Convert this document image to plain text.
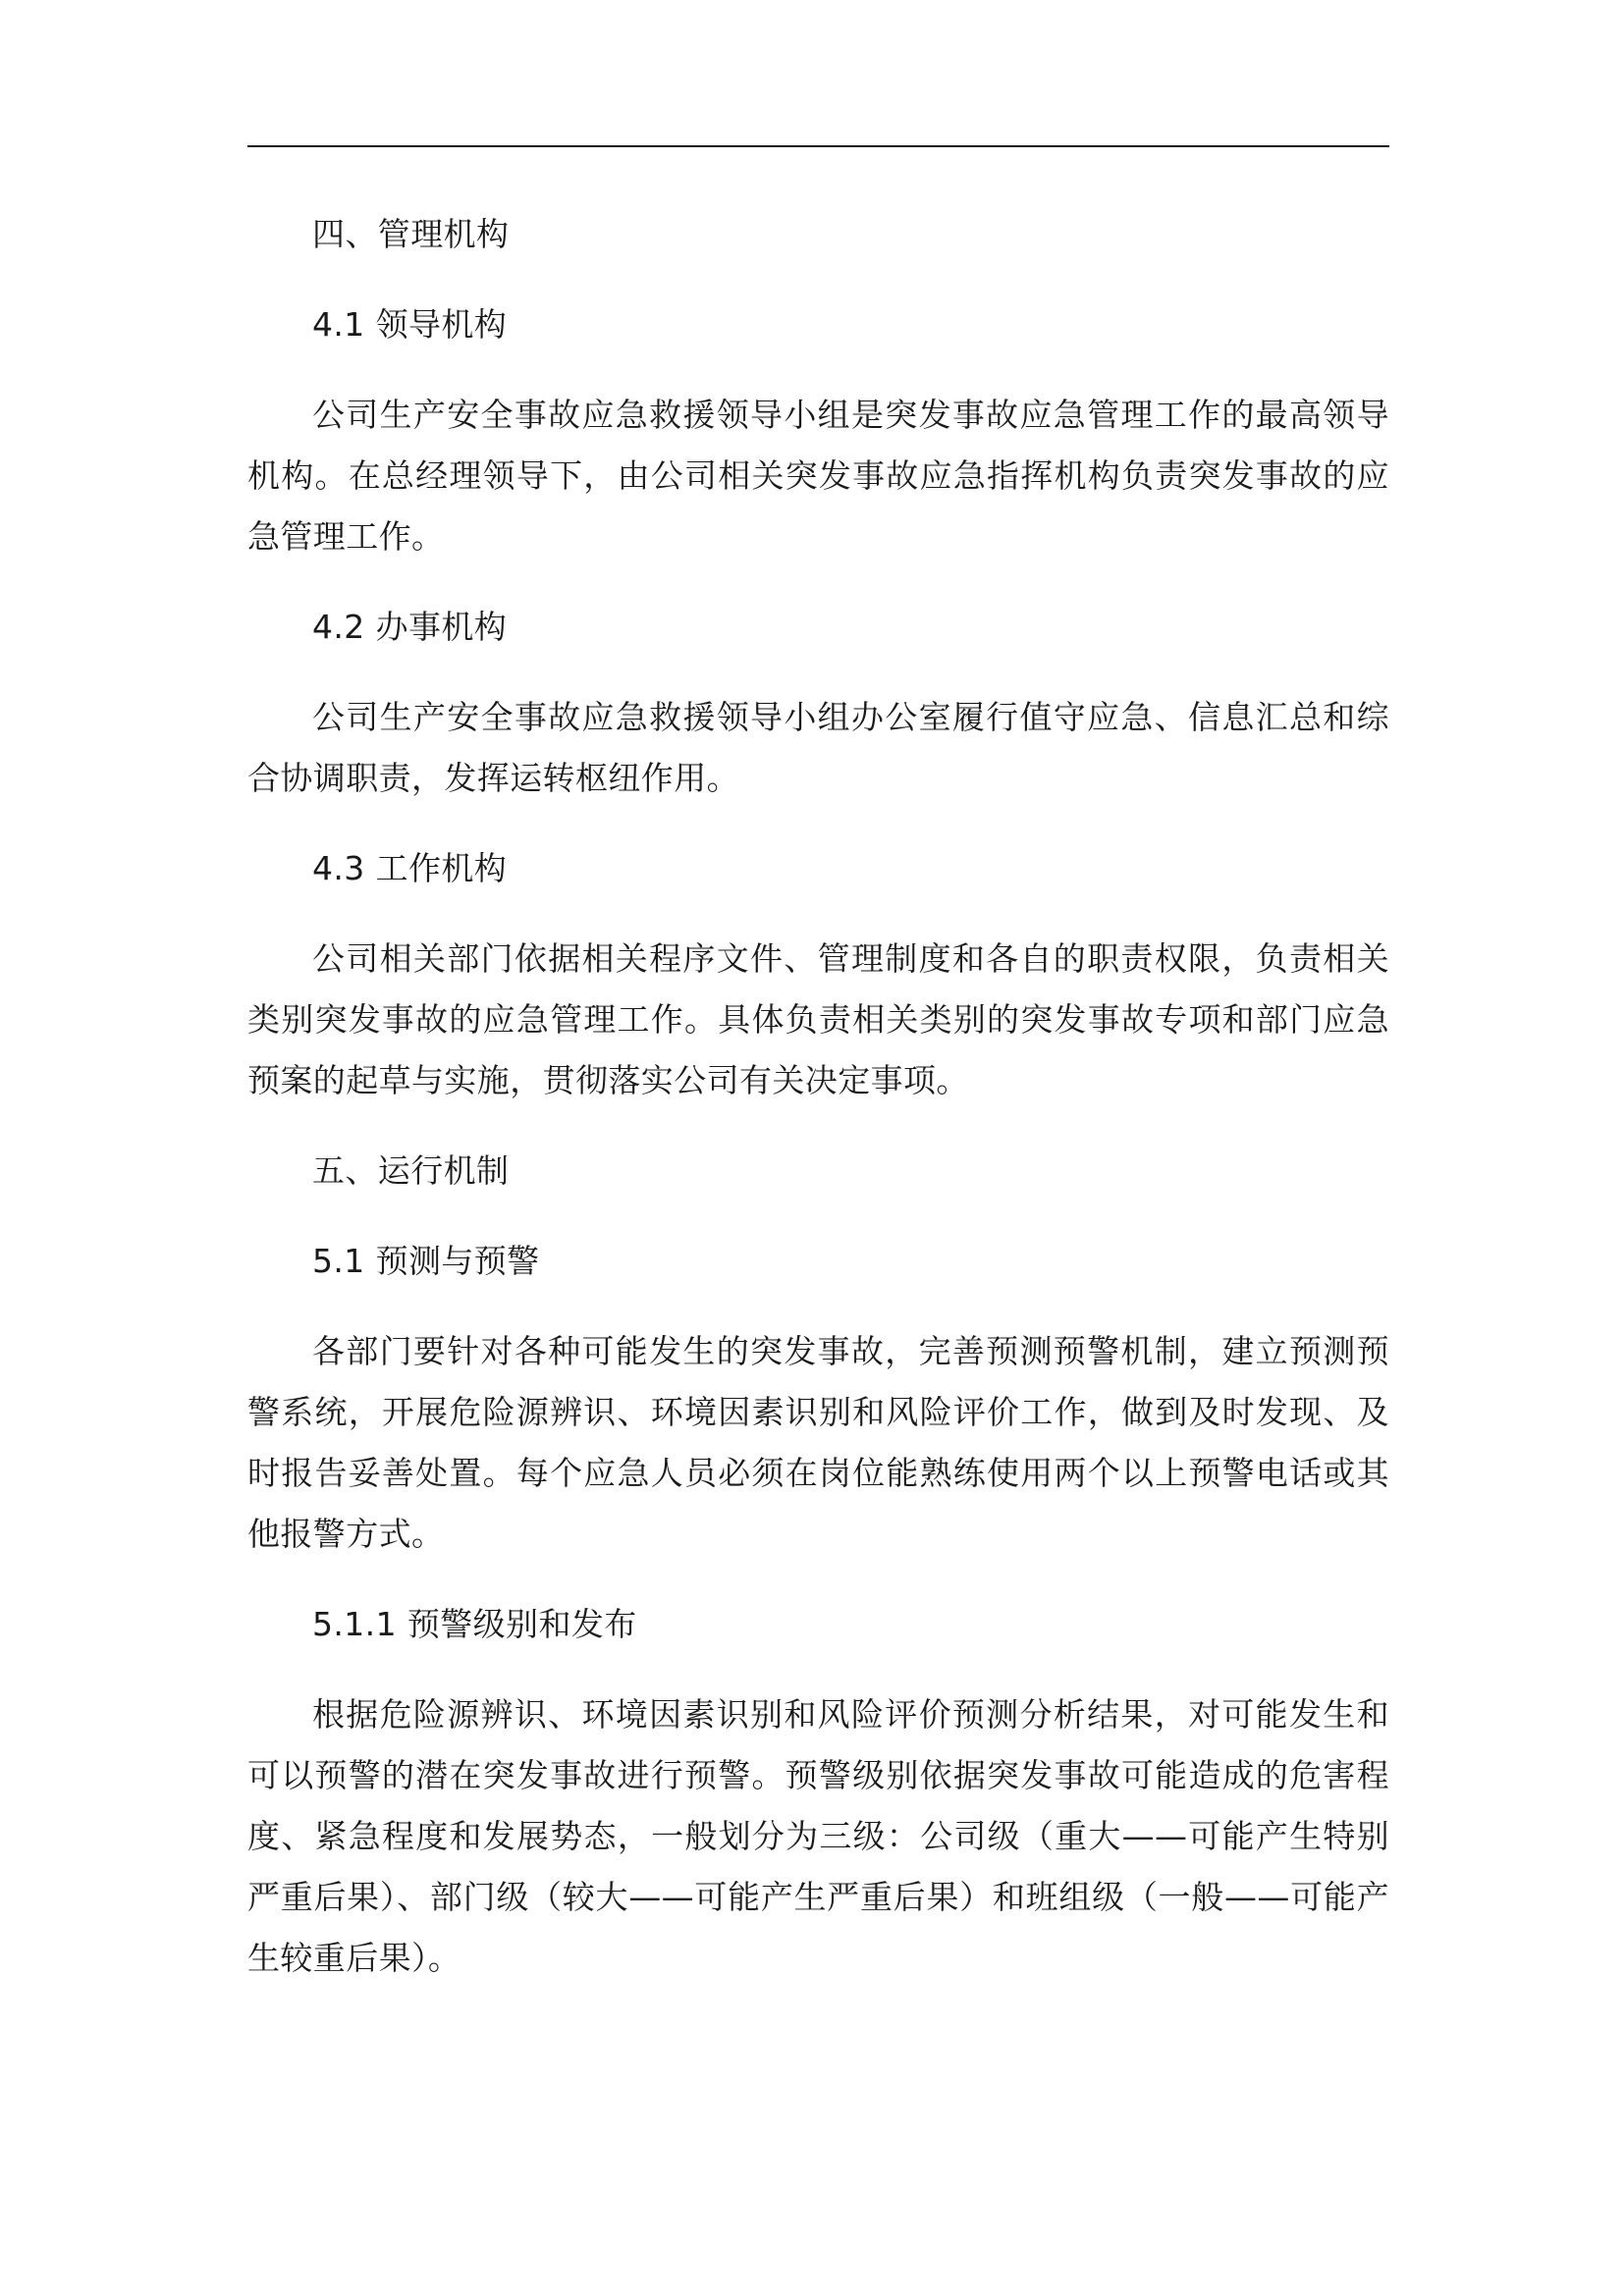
四、管理机构

4.1 领导机构

公司生产安全事故应急救援领导小组是突发事故应急管理工作的最高领导机构。在总经理领导下，由公司相关突发事故应急指挥机构负责突发事故的应急管理工作。

4.2 办事机构

公司生产安全事故应急救援领导小组办公室履行值守应急、信息汇总和综合协调职责，发挥运转枢纽作用。

4.3 工作机构

公司相关部门依据相关程序文件、管理制度和各自的职责权限，负责相关类别突发事故的应急管理工作。具体负责相关类别的突发事故专项和部门应急预案的起草与实施，贯彻落实公司有关决定事项。

五、运行机制

5.1 预测与预警

各部门要针对各种可能发生的突发事故，完善预测预警机制，建立预测预警系统，开展危险源辨识、环境因素识别和风险评价工作，做到及时发现、及时报告妥善处置。每个应急人员必须在岗位能熟练使用两个以上预警电话或其他报警方式。

5.1.1 预警级别和发布

根据危险源辨识、环境因素识别和风险评价预测分析结果，对可能发生和可以预警的潜在突发事故进行预警。预警级别依据突发事故可能造成的危害程度、紧急程度和发展势态，一般划分为三级：公司级（重大——可能产生特别严重后果）、部门级（较大——可能产生严重后果）和班组级（一般——可能产生较重后果）。
